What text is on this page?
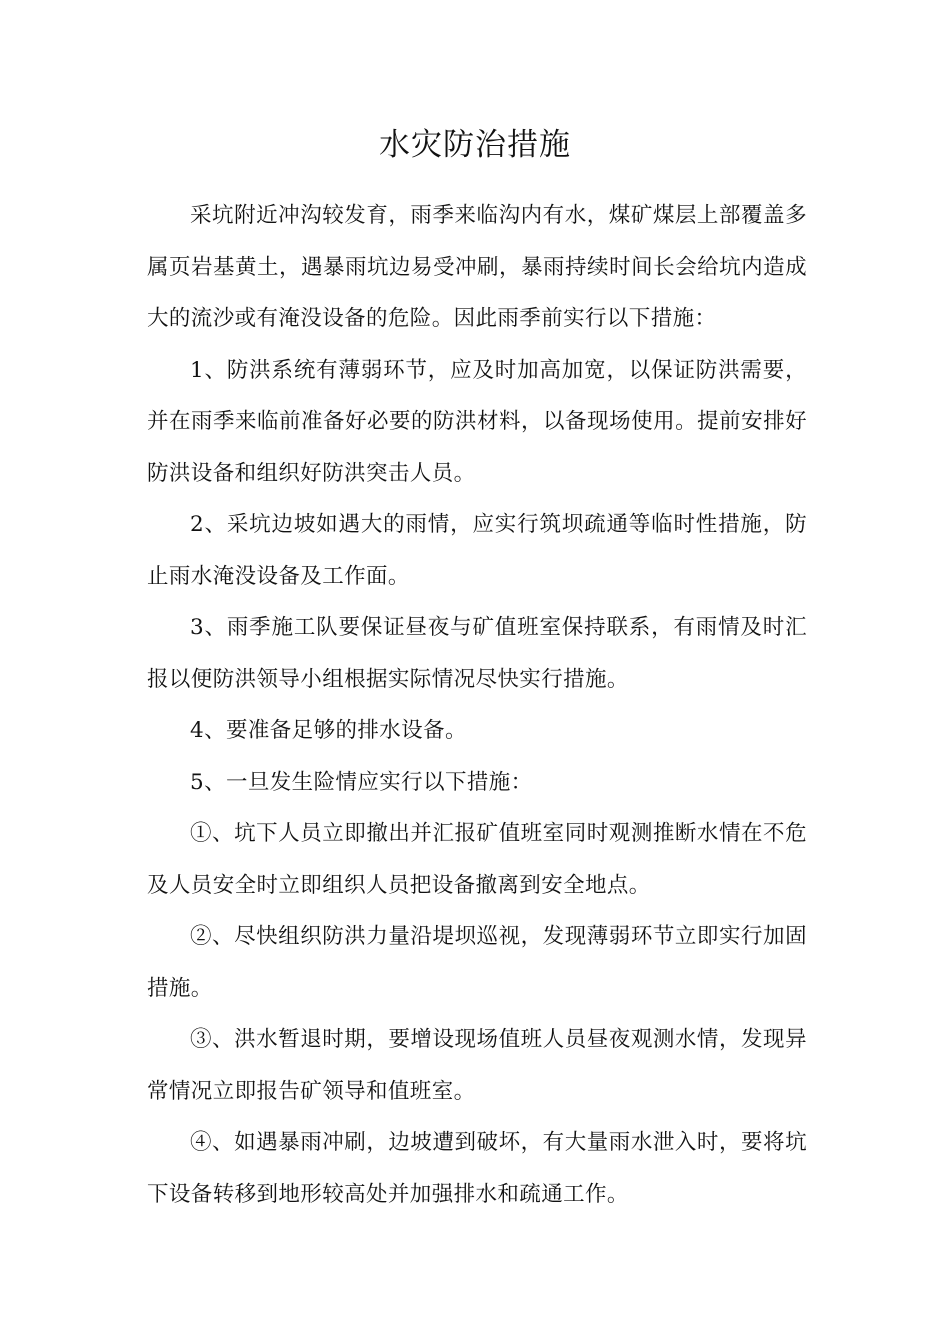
水灾防治措施

采坑附近冲沟较发育，雨季来临沟内有水，煤矿煤层上部覆盖多属页岩基黄土，遇暴雨坑边易受冲刷，暴雨持续时间长会给坑内造成大的流沙或有淹没设备的危险。因此雨季前实行以下措施：

1、防洪系统有薄弱环节，应及时加高加宽，以保证防洪需要，并在雨季来临前准备好必要的防洪材料，以备现场使用。提前安排好防洪设备和组织好防洪突击人员。

2、采坑边坡如遇大的雨情，应实行筑坝疏通等临时性措施，防止雨水淹没设备及工作面。

3、雨季施工队要保证昼夜与矿值班室保持联系，有雨情及时汇报以便防洪领导小组根据实际情况尽快实行措施。

4、要准备足够的排水设备。

5、一旦发生险情应实行以下措施：

①、坑下人员立即撤出并汇报矿值班室同时观测推断水情在不危及人员安全时立即组织人员把设备撤离到安全地点。

②、尽快组织防洪力量沿堤坝巡视，发现薄弱环节立即实行加固措施。

③、洪水暂退时期，要增设现场值班人员昼夜观测水情，发现异常情况立即报告矿领导和值班室。

④、如遇暴雨冲刷，边坡遭到破坏，有大量雨水泄入时，要将坑下设备转移到地形较高处并加强排水和疏通工作。
